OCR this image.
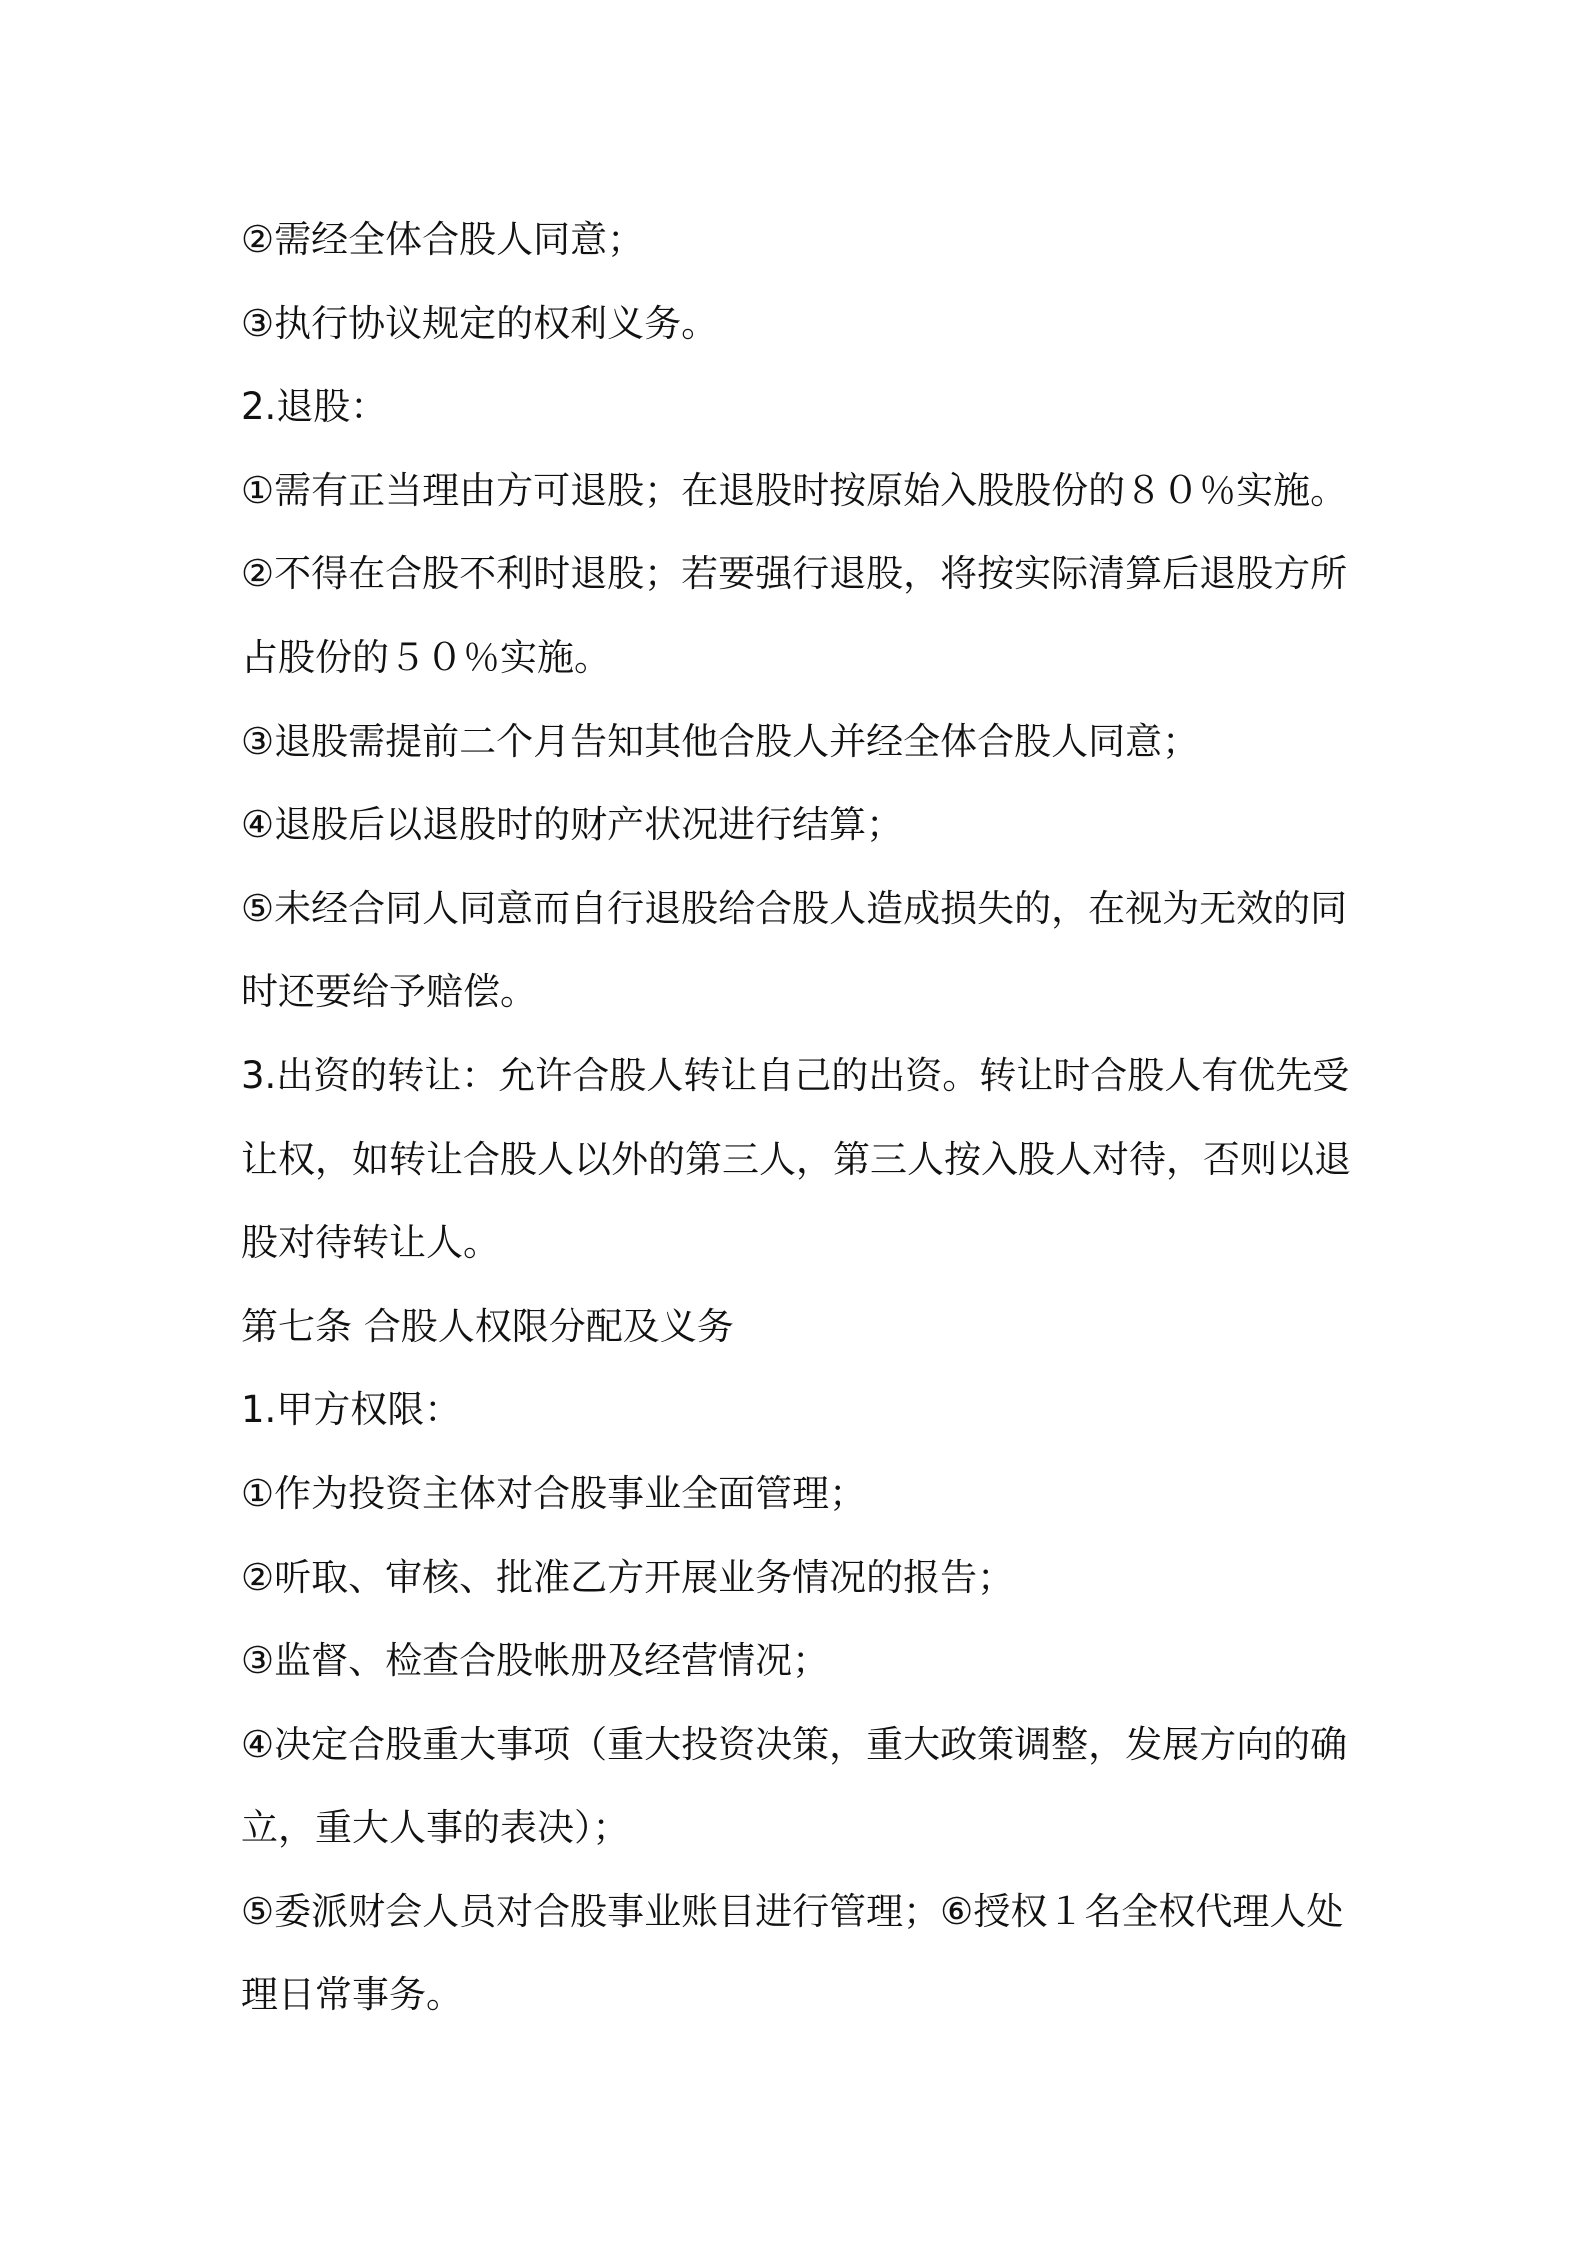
②需经全体合股人同意；
③执行协议规定的权利义务。
2.退股：
①需有正当理由方可退股；在退股时按原始入股股份的８０％实施。
②不得在合股不利时退股；若要强行退股，将按实际清算后退股方所
占股份的５０％实施。
③退股需提前二个月告知其他合股人并经全体合股人同意；
④退股后以退股时的财产状况进行结算；
⑤未经合同人同意而自行退股给合股人造成损失的，在视为无效的同
时还要给予赔偿。
3.出资的转让：允许合股人转让自己的出资。转让时合股人有优先受
让权，如转让合股人以外的第三人，第三人按入股人对待，否则以退
股对待转让人。
第七条 合股人权限分配及义务
1.甲方权限：
①作为投资主体对合股事业全面管理；
②听取、审核、批准乙方开展业务情况的报告；
③监督、检查合股帐册及经营情况；
④决定合股重大事项（重大投资决策，重大政策调整，发展方向的确
立，重大人事的表决）；
⑤委派财会人员对合股事业账目进行管理；⑥授权１名全权代理人处
理日常事务。
